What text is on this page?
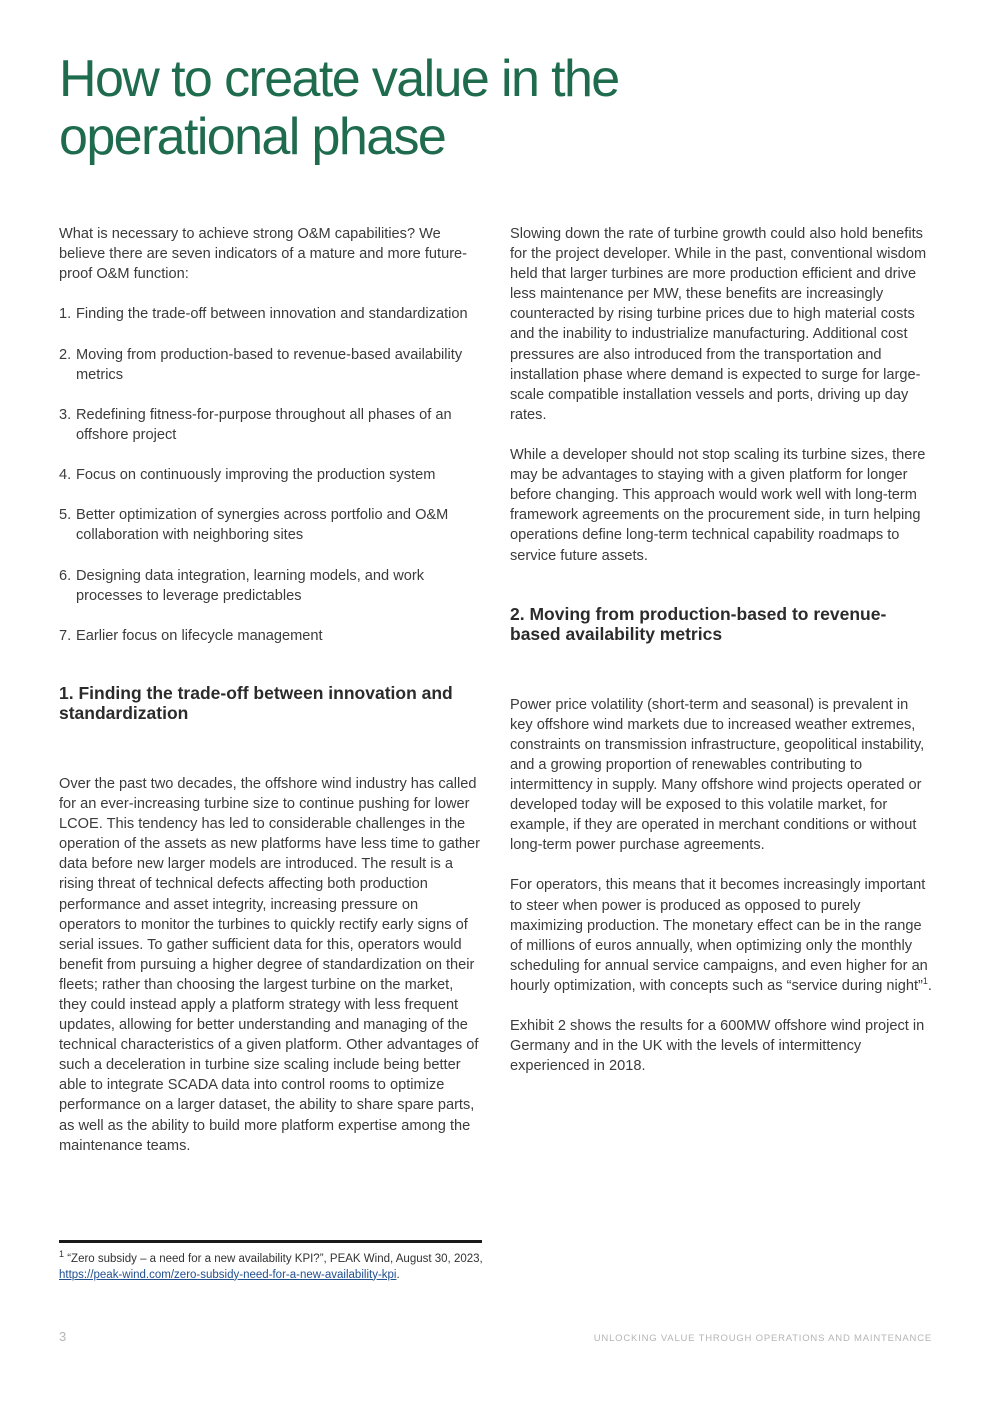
How to create value in the operational phase

What is necessary to achieve strong O&M capabilities? We believe there are seven indicators of a mature and more future-proof O&M function:

1. Finding the trade-off between innovation and standardization
2. Moving from production-based to revenue-based availability metrics
3. Redefining fitness-for-purpose throughout all phases of an offshore project
4. Focus on continuously improving the production system
5. Better optimization of synergies across portfolio and O&M collaboration with neighboring sites
6. Designing data integration, learning models, and work processes to leverage predictables
7. Earlier focus on lifecycle management
1. Finding the trade-off between innovation and standardization

Over the past two decades, the offshore wind industry has called for an ever-increasing turbine size to continue pushing for lower LCOE. This tendency has led to considerable challenges in the operation of the assets as new platforms have less time to gather data before new larger models are introduced. The result is a rising threat of technical defects affecting both production performance and asset integrity, increasing pressure on operators to monitor the turbines to quickly rectify early signs of serial issues. To gather sufficient data for this, operators would benefit from pursuing a higher degree of standardization on their fleets; rather than choosing the largest turbine on the market, they could instead apply a platform strategy with less frequent updates, allowing for better understanding and managing of the technical characteristics of a given platform. Other advantages of such a deceleration in turbine size scaling include being better able to integrate SCADA data into control rooms to optimize performance on a larger dataset, the ability to share spare parts, as well as the ability to build more platform expertise among the maintenance teams.

Slowing down the rate of turbine growth could also hold benefits for the project developer. While in the past, conventional wisdom held that larger turbines are more production efficient and drive less maintenance per MW, these benefits are increasingly counteracted by rising turbine prices due to high material costs and the inability to industrialize manufacturing. Additional cost pressures are also introduced from the transportation and installation phase where demand is expected to surge for large-scale compatible installation vessels and ports, driving up day rates.

While a developer should not stop scaling its turbine sizes, there may be advantages to staying with a given platform for longer before changing. This approach would work well with long-term framework agreements on the procurement side, in turn helping operations define long-term technical capability roadmaps to service future assets.

2. Moving from production-based to revenue-based availability metrics

Power price volatility (short-term and seasonal) is prevalent in key offshore wind markets due to increased weather extremes, constraints on transmission infrastructure, geopolitical instability, and a growing proportion of renewables contributing to intermittency in supply. Many offshore wind projects operated or developed today will be exposed to this volatile market, for example, if they are operated in merchant conditions or without long-term power purchase agreements.

For operators, this means that it becomes increasingly important to steer when power is produced as opposed to purely maximizing production. The monetary effect can be in the range of millions of euros annually, when optimizing only the monthly scheduling for annual service campaigns, and even higher for an hourly optimization, with concepts such as “service during night”$^1$.

Exhibit 2 shows the results for a 600MW offshore wind project in Germany and in the UK with the levels of intermittency experienced in 2018.

$^1$ “Zero subsidy – a need for a new availability KPI?”, PEAK Wind, August 30, 2023,
https://peak-wind.com/zero-subsidy-need-for-a-new-availability-kpi.
3	UNLOCKING VALUE THROUGH OPERATIONS AND MAINTENANCE
